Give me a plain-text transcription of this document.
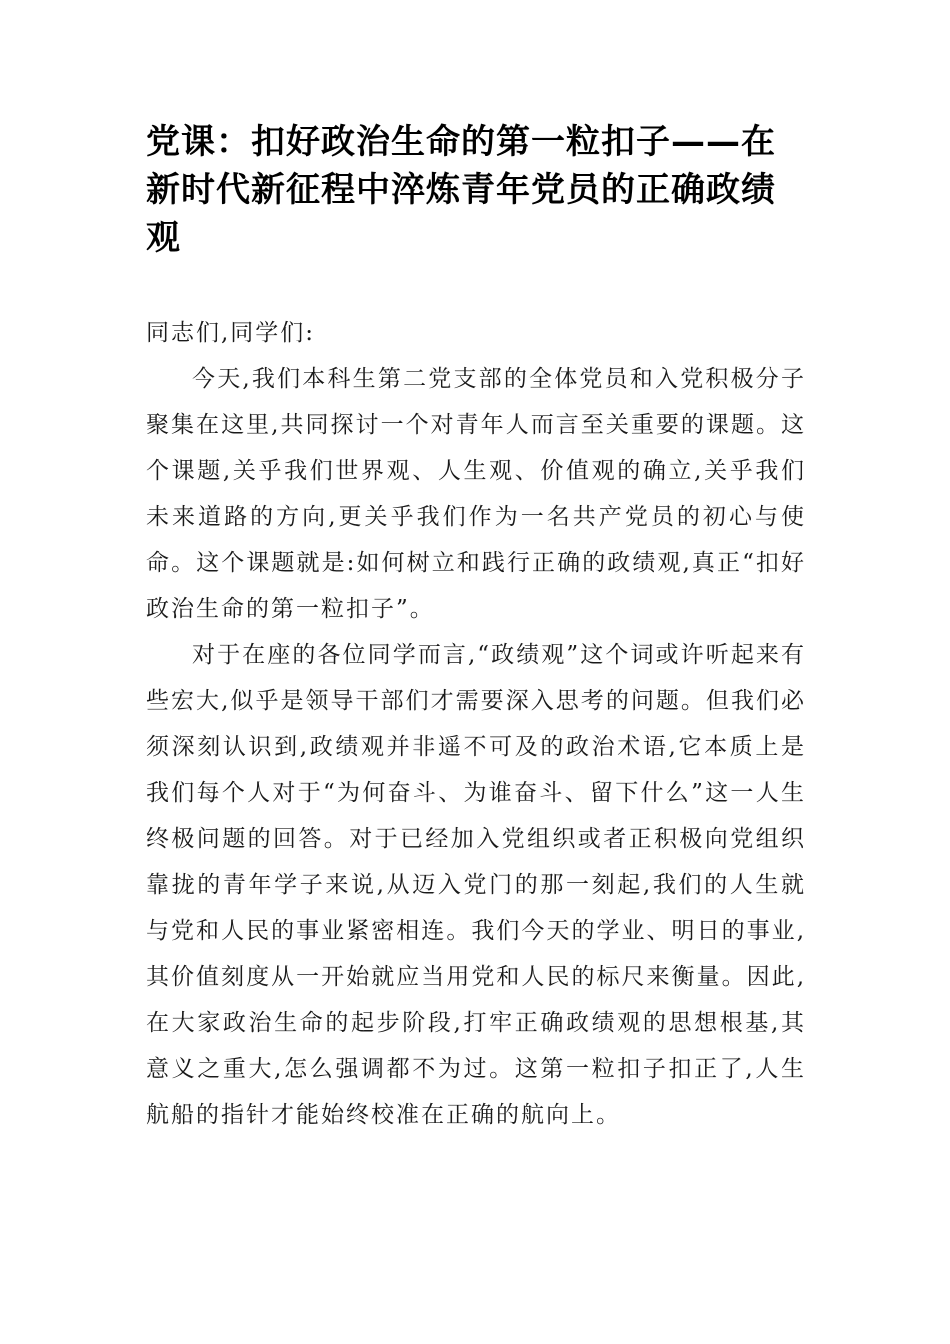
党课：扣好政治生命的第一粒扣子——在新时代新征程中淬炼青年党员的正确政绩观

同志们,同学们:

今天,我们本科生第二党支部的全体党员和入党积极分子聚集在这里,共同探讨一个对青年人而言至关重要的课题。这个课题,关乎我们世界观、人生观、价值观的确立,关乎我们未来道路的方向,更关乎我们作为一名共产党员的初心与使命。这个课题就是:如何树立和践行正确的政绩观,真正“扣好政治生命的第一粒扣子”。

对于在座的各位同学而言,“政绩观”这个词或许听起来有些宏大,似乎是领导干部们才需要深入思考的问题。但我们必须深刻认识到,政绩观并非遥不可及的政治术语,它本质上是我们每个人对于“为何奋斗、为谁奋斗、留下什么”这一人生终极问题的回答。对于已经加入党组织或者正积极向党组织靠拢的青年学子来说,从迈入党门的那一刻起,我们的人生就与党和人民的事业紧密相连。我们今天的学业、明日的事业,其价值刻度从一开始就应当用党和人民的标尺来衡量。因此,在大家政治生命的起步阶段,打牢正确政绩观的思想根基,其意义之重大,怎么强调都不为过。这第一粒扣子扣正了,人生航船的指针才能始终校准在正确的航向上。
